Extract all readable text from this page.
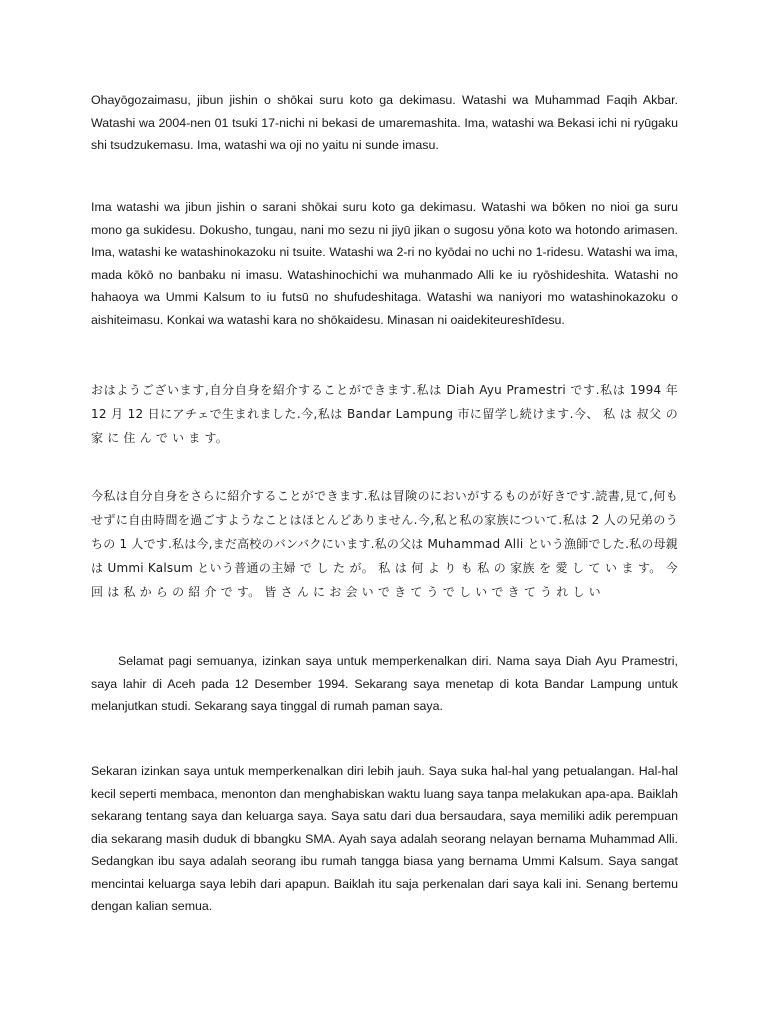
Ohayōgozaimasu, jibun jishin o shōkai suru koto ga dekimasu. Watashi wa Muhammad Faqih Akbar. Watashi wa 2004-nen 01 tsuki 17-nichi ni bekasi de umaremashita. Ima, watashi wa Bekasi ichi ni ryūgaku shi tsudzukemasu. Ima, watashi wa oji no yaitu ni sunde imasu.

Ima watashi wa jibun jishin o sarani shōkai suru koto ga dekimasu. Watashi wa bōken no nioi ga suru mono ga sukidesu. Dokusho, tungau, nani mo sezu ni jiyū jikan o sugosu yōna koto wa hotondo arimasen. Ima, watashi ke watashinokazoku ni tsuite. Watashi wa 2-ri no kyōdai no uchi no 1-ridesu. Watashi wa ima, mada kōkō no banbaku ni imasu. Watashinochichi wa muhanmado Alli ke iu ryōshideshita. Watashi no hahaoya wa Ummi Kalsum to iu futsū no shufudeshitaga. Watashi wa naniyori mo watashinokazoku o aishiteimasu. Konkai wa watashi kara no shōkaidesu. Minasan ni oaidekiteureshīdesu.

おはようございます,自分自身を紹介することができます.私は Diah Ayu Pramestri です.私は 1994 年 12 月 12 日にアチェで生まれました.今,私は Bandar Lampung 市に留学し続けます.今、 私 は 叔父 の 家 に 住 ん で い ま す。

今私は自分自身をさらに紹介することができます.私は冒険のにおいがするものが好きです.読書,見て,何もせずに自由時間を過ごすようなことはほとんどありません.今,私と私の家族について.私は 2 人の兄弟のうちの 1 人です.私は今,まだ高校のバンバクにいます.私の父は Muhammad Alli という漁師でした.私の母親は Ummi Kalsum という普通の主婦 で し た が。 私 は 何 よ り も 私 の 家族 を 愛 し て い ま す。 今 回 は 私 か ら の 紹 介 で す。 皆 さ ん に お 会 い で き て う で し い で き て う れ し い

Selamat pagi semuanya, izinkan saya untuk memperkenalkan diri. Nama saya Diah Ayu Pramestri, saya lahir di Aceh pada 12 Desember 1994. Sekarang saya menetap di kota Bandar Lampung untuk melanjutkan studi. Sekarang saya tinggal di rumah paman saya.

Sekaran izinkan saya untuk memperkenalkan diri lebih jauh. Saya suka hal-hal yang petualangan. Hal-hal kecil seperti membaca, menonton dan menghabiskan waktu luang saya tanpa melakukan apa-apa. Baiklah sekarang tentang saya dan keluarga saya. Saya satu dari dua bersaudara, saya memiliki adik perempuan dia sekarang masih duduk di bbangku SMA. Ayah saya adalah seorang nelayan bernama Muhammad Alli. Sedangkan ibu saya adalah seorang ibu rumah tangga biasa yang bernama Ummi Kalsum. Saya sangat mencintai keluarga saya lebih dari apapun. Baiklah itu saja perkenalan dari saya kali ini. Senang bertemu dengan kalian semua.
